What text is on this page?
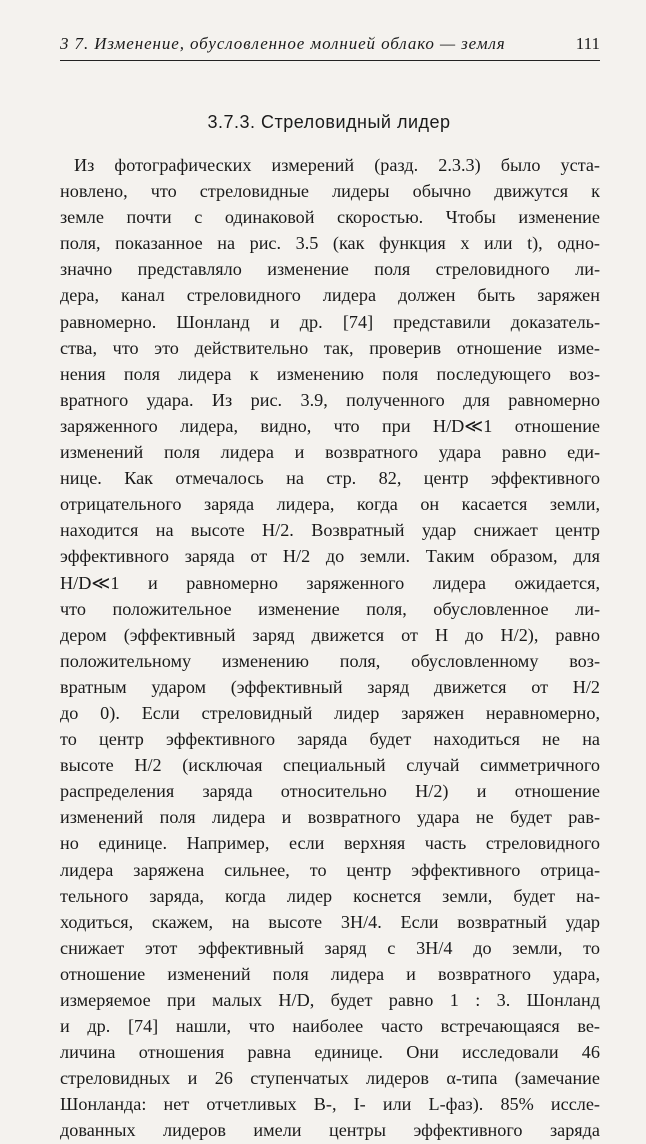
3 7. Изменение, обусловленное молнией облако — земля	111
3.7.3. Стреловидный лидер
Из фотографических измерений (разд. 2.3.3) было уста-
новлено, что стреловидные лидеры обычно движутся к
земле почти с одинаковой скоростью. Чтобы изменение
поля, показанное на рис. 3.5 (как функция x или t), одно-
значно представляло изменение поля стреловидного ли-
дера, канал стреловидного лидера должен быть заряжен
равномерно. Шонланд и др. [74] представили доказатель-
ства, что это действительно так, проверив отношение изме-
нения поля лидера к изменению поля последующего воз-
вратного удара. Из рис. 3.9, полученного для равномерно
заряженного лидера, видно, что при H/D≪1 отношение
изменений поля лидера и возвратного удара равно еди-
нице. Как отмечалось на стр. 82, центр эффективного
отрицательного заряда лидера, когда он касается земли,
находится на высоте H/2. Возвратный удар снижает центр
эффективного заряда от H/2 до земли. Таким образом, для
H/D≪1 и равномерно заряженного лидера ожидается,
что положительное изменение поля, обусловленное ли-
дером (эффективный заряд движется от H до H/2), равно
положительному изменению поля, обусловленному воз-
вратным ударом (эффективный заряд движется от H/2
до 0). Если стреловидный лидер заряжен неравномерно,
то центр эффективного заряда будет находиться не на
высоте H/2 (исключая специальный случай симметричного
распределения заряда относительно H/2) и отношение
изменений поля лидера и возвратного удара не будет рав-
но единице. Например, если верхняя часть стреловидного
лидера заряжена сильнее, то центр эффективного отрица-
тельного заряда, когда лидер коснется земли, будет на-
ходиться, скажем, на высоте 3H/4. Если возвратный удар
снижает этот эффективный заряд с 3H/4 до земли, то
отношение изменений поля лидера и возвратного удара,
измеряемое при малых H/D, будет равно 1 : 3. Шонланд
и др. [74] нашли, что наиболее часто встречающаяся ве-
личина отношения равна единице. Они исследовали 46
стреловидных и 26 ступенчатых лидеров α-типа (замечание
Шонланда: нет отчетливых B-, I- или L-фаз). 85% иссле-
дованных лидеров имели центры эффективного заряда
